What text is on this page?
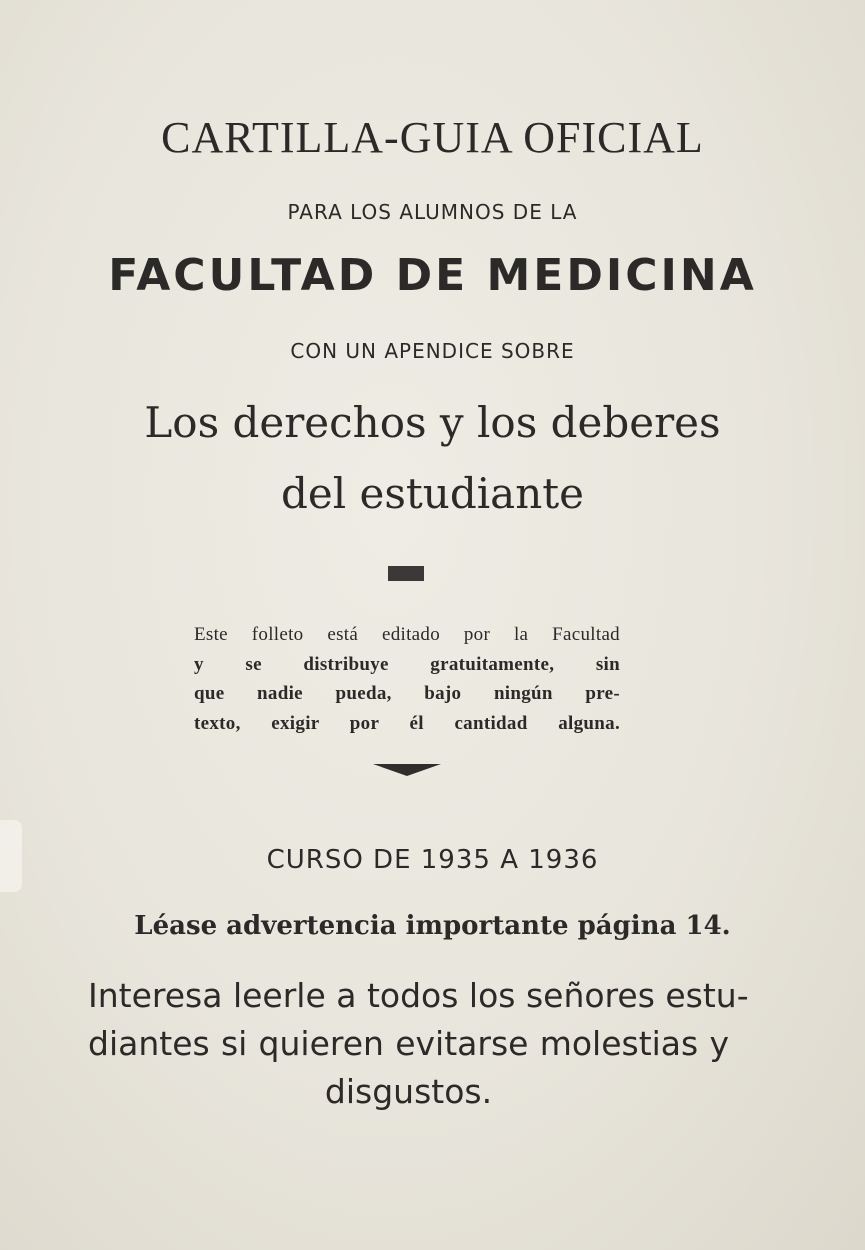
CARTILLA-GUIA OFICIAL
PARA LOS ALUMNOS DE LA
FACULTAD DE MEDICINA
CON UN APENDICE SOBRE
Los derechos y los deberes
del estudiante
Este folleto está editado por la Facultad
y se distribuye gratuitamente, sin
que nadie pueda, bajo ningún pre-
texto, exigir por él cantidad alguna.
CURSO DE 1935 A 1936
Léase advertencia importante página 14.
Interesa leerle a todos los señores estu-
diantes si quieren evitarse molestias y
disgustos.
